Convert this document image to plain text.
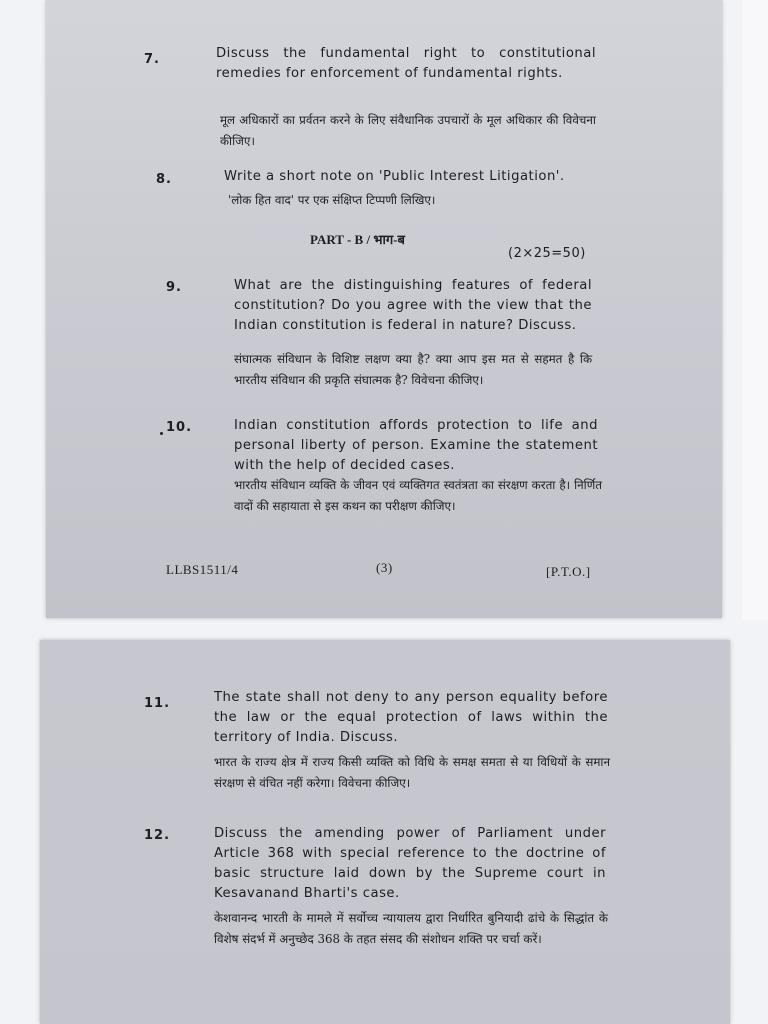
7.	Discuss the fundamental right to constitutional remedies for enforcement of fundamental rights.
मूल अधिकारों का प्रर्वतन करने के लिए संवैधानिक उपचारों के मूल अधिकार की विवेचना कीजिए।
8.	Write a short note on 'Public Interest Litigation'.
'लोक हित वाद' पर एक संक्षिप्त टिप्पणी लिखिए।
PART - B / भाग-ब
(2×25=50)
9.	What are the distinguishing features of federal constitution? Do you agree with the view that the Indian constitution is federal in nature? Discuss.
संघात्मक संविधान के विशिष्ट लक्षण क्या है? क्या आप इस मत से सहमत है कि भारतीय संविधान की प्रकृति संघात्मक है? विवेचना कीजिए।
10.	Indian constitution affords protection to life and personal liberty of person. Examine the statement with the help of decided cases.
भारतीय संविधान व्यक्ति के जीवन एवं व्यक्तिगत स्वतंत्रता का संरक्षण करता है। निर्णित वादों की सहायाता से इस कथन का परीक्षण कीजिए।
LLBS1511/4	(3)	[P.T.O.]
11.	The state shall not deny to any person equality before the law or the equal protection of laws within the territory of India. Discuss.
भारत के राज्य क्षेत्र में राज्य किसी व्यक्ति को विधि के समक्ष समता से या विधियों के समान संरक्षण से वंचित नहीं करेगा। विवेचना कीजिए।
12.	Discuss the amending power of Parliament under Article 368 with special reference to the doctrine of basic structure laid down by the Supreme court in Kesavanand Bharti's case.
केशवानन्द भारती के मामले में सर्वोच्च न्यायालय द्वारा निर्धारित बुनियादी ढांचे के सिद्धांत के विशेष संदर्भ में अनुच्छेद 368 के तहत संसद की संशोधन शक्ति पर चर्चा करें।
